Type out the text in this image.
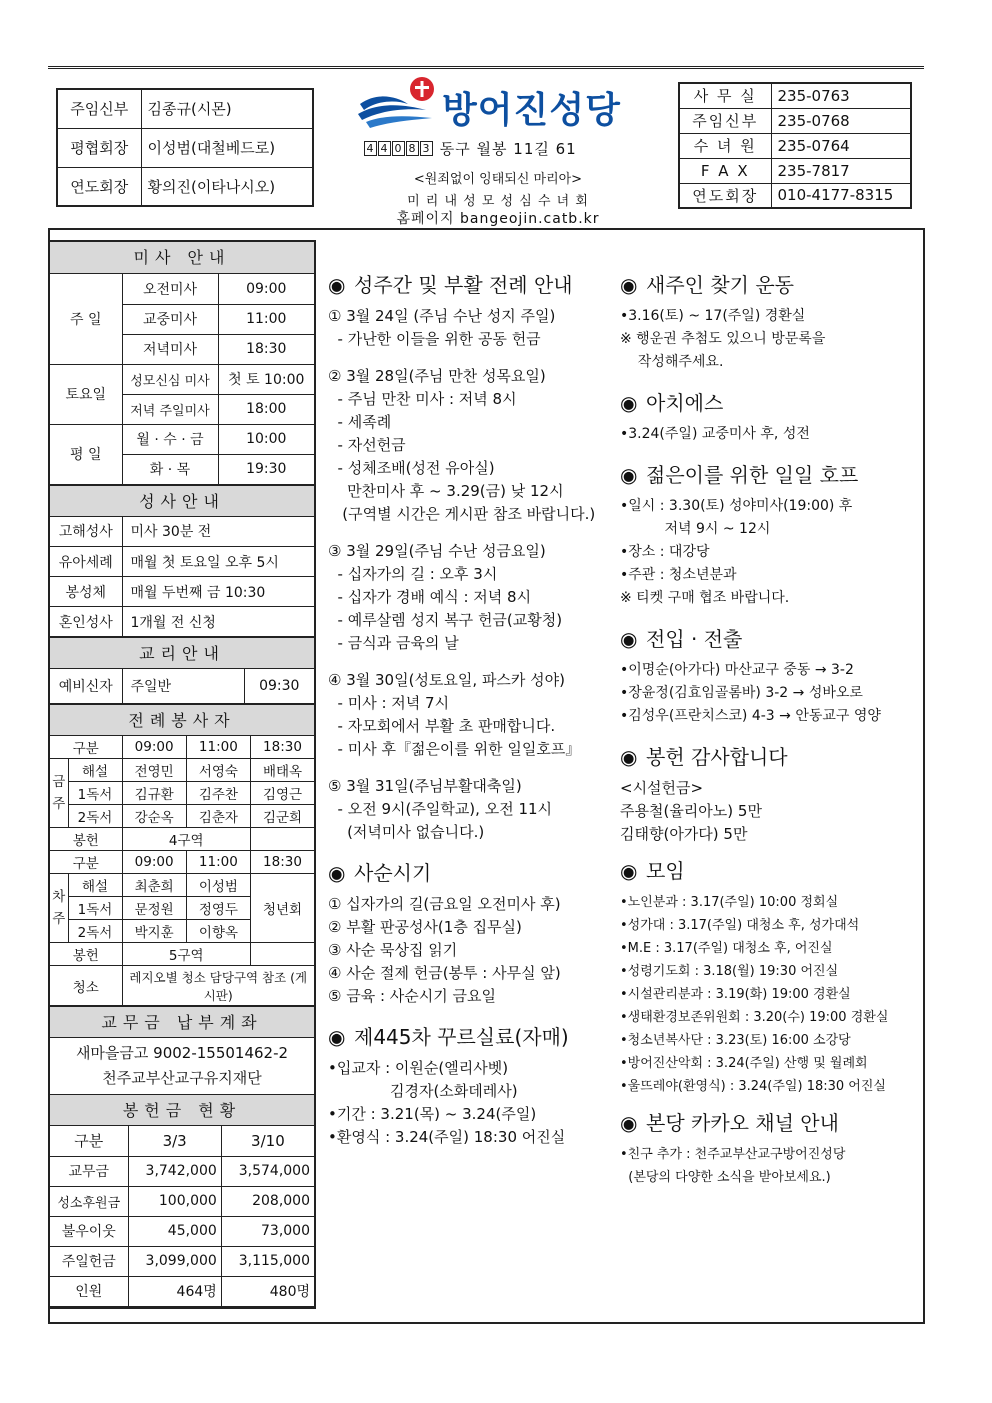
주임신부	김종규(시몬)
평협회장	이성범(대철베드로)
연도회장	황의진(이타나시오)
방어진성당
4 4 0 8 3 동구 월봉 11길 61
<원죄없이 잉태되신 마리아>
미 리 내 성 모 성 심 수 녀 회
홈페이지 bangeojin.catb.kr
사 무 실	235-0763
주임신부	235-0768
수 녀 원	235-0764
F A X	235-7817
연도회장	010-4177-8315
미사 안내
주 일	오전미사	09:00
	교중미사	11:00
	저녁미사	18:30
토요일	성모신심 미사	첫 토 10:00
	저녁 주일미사	18:00
평 일	월 · 수 · 금	10:00
	화 · 목	19:30
성사안내
고해성사	미사 30분 전
유아세례	매월 첫 토요일 오후 5시
봉성체	매월 두번째 금 10:30
혼인성사	1개월 전 신청
교리안내
예비신자	주일반	09:30
전례봉사자
구분		09:00	11:00	18:30
금
주	해설	전영민	서영숙	배태옥
	1독서	김규환	김주찬	김영근
	2독서	강순옥	김춘자	김군희
봉헌		4구역		
구분		09:00	11:00	18:30
차
주	해설	최춘희	이성범	청년회
	1독서	문정원	정영두	
	2독서	박지훈	이향옥	
봉헌		5구역		
청소		레지오별 청소 담당구역 참조 (게시판)		
교무금 납부계좌
새마을금고 9002-15501462-2
천주교부산교구유지재단
봉헌금 현황
구분	3/3	3/10
교무금	3,742,000	3,574,000
성소후원금	100,000	208,000
불우이웃	45,000	73,000
주일헌금	3,099,000	3,115,000
인원	464명	480명
◉ 성주간 및 부활 전례 안내
① 3월 24일 (주님 수난 성지 주일)
- 가난한 이들을 위한 공동 헌금
② 3월 28일(주님 만찬 성목요일)
- 주님 만찬 미사 : 저녁 8시
- 세족례
- 자선헌금
- 성체조배(성전 유아실)
만찬미사 후 ~ 3.29(금) 낮 12시
(구역별 시간은 게시판 참조 바랍니다.)
③ 3월 29일(주님 수난 성금요일)
- 십자가의 길 : 오후 3시
- 십자가 경배 예식 : 저녁 8시
- 예루살렘 성지 복구 헌금(교황청)
- 금식과 금육의 날
④ 3월 30일(성토요일, 파스카 성야)
- 미사 : 저녁 7시
- 자모회에서 부활 초 판매합니다.
- 미사 후『젊은이를 위한 일일호프』
⑤ 3월 31일(주님부활대축일)
- 오전 9시(주일학교), 오전 11시
(저녁미사 없습니다.)
◉ 사순시기
① 십자가의 길(금요일 오전미사 후)
② 부활 판공성사(1층 집무실)
③ 사순 묵상집 읽기
④ 사순 절제 헌금(봉투 : 사무실 앞)
⑤ 금육 : 사순시기 금요일
◉ 제445차 꾸르실료(자매)
•입교자 : 이원순(엘리사벳)
김경자(소화데레사)
•기간 : 3.21(목) ~ 3.24(주일)
•환영식 : 3.24(주일) 18:30 어진실
◉ 새주인 찾기 운동
•3.16(토) ~ 17(주일) 경환실
※ 행운권 추첨도 있으니 방문록을
작성해주세요.
◉ 아치에스
•3.24(주일) 교중미사 후, 성전
◉ 젊은이를 위한 일일 호프
•일시 : 3.30(토) 성야미사(19:00) 후
저녁 9시 ~ 12시
•장소 : 대강당
•주관 : 청소년분과
※ 티켓 구매 협조 바랍니다.
◉ 전입 · 전출
•이명순(아가다) 마산교구 중동 → 3-2
•장윤정(김효임골롬바) 3-2 → 성바오로
•김성우(프란치스코) 4-3 → 안동교구 영양
◉ 봉헌 감사합니다
<시설헌금>
주용철(율리아노) 5만
김태향(아가다) 5만
◉ 모임
•노인분과 : 3.17(주일) 10:00 정회실
•성가대 : 3.17(주일) 대청소 후, 성가대석
•M.E : 3.17(주일) 대청소 후, 어진실
•성령기도회 : 3.18(월) 19:30 어진실
•시설관리분과 : 3.19(화) 19:00 경환실
•생태환경보존위원회 : 3.20(수) 19:00 경환실
•청소년복사단 : 3.23(토) 16:00 소강당
•방어진산악회 : 3.24(주일) 산행 및 월례회
•울뜨레야(환영식) : 3.24(주일) 18:30 어진실
◉ 본당 카카오 채널 안내
•친구 추가 : 천주교부산교구방어진성당
(본당의 다양한 소식을 받아보세요.)
